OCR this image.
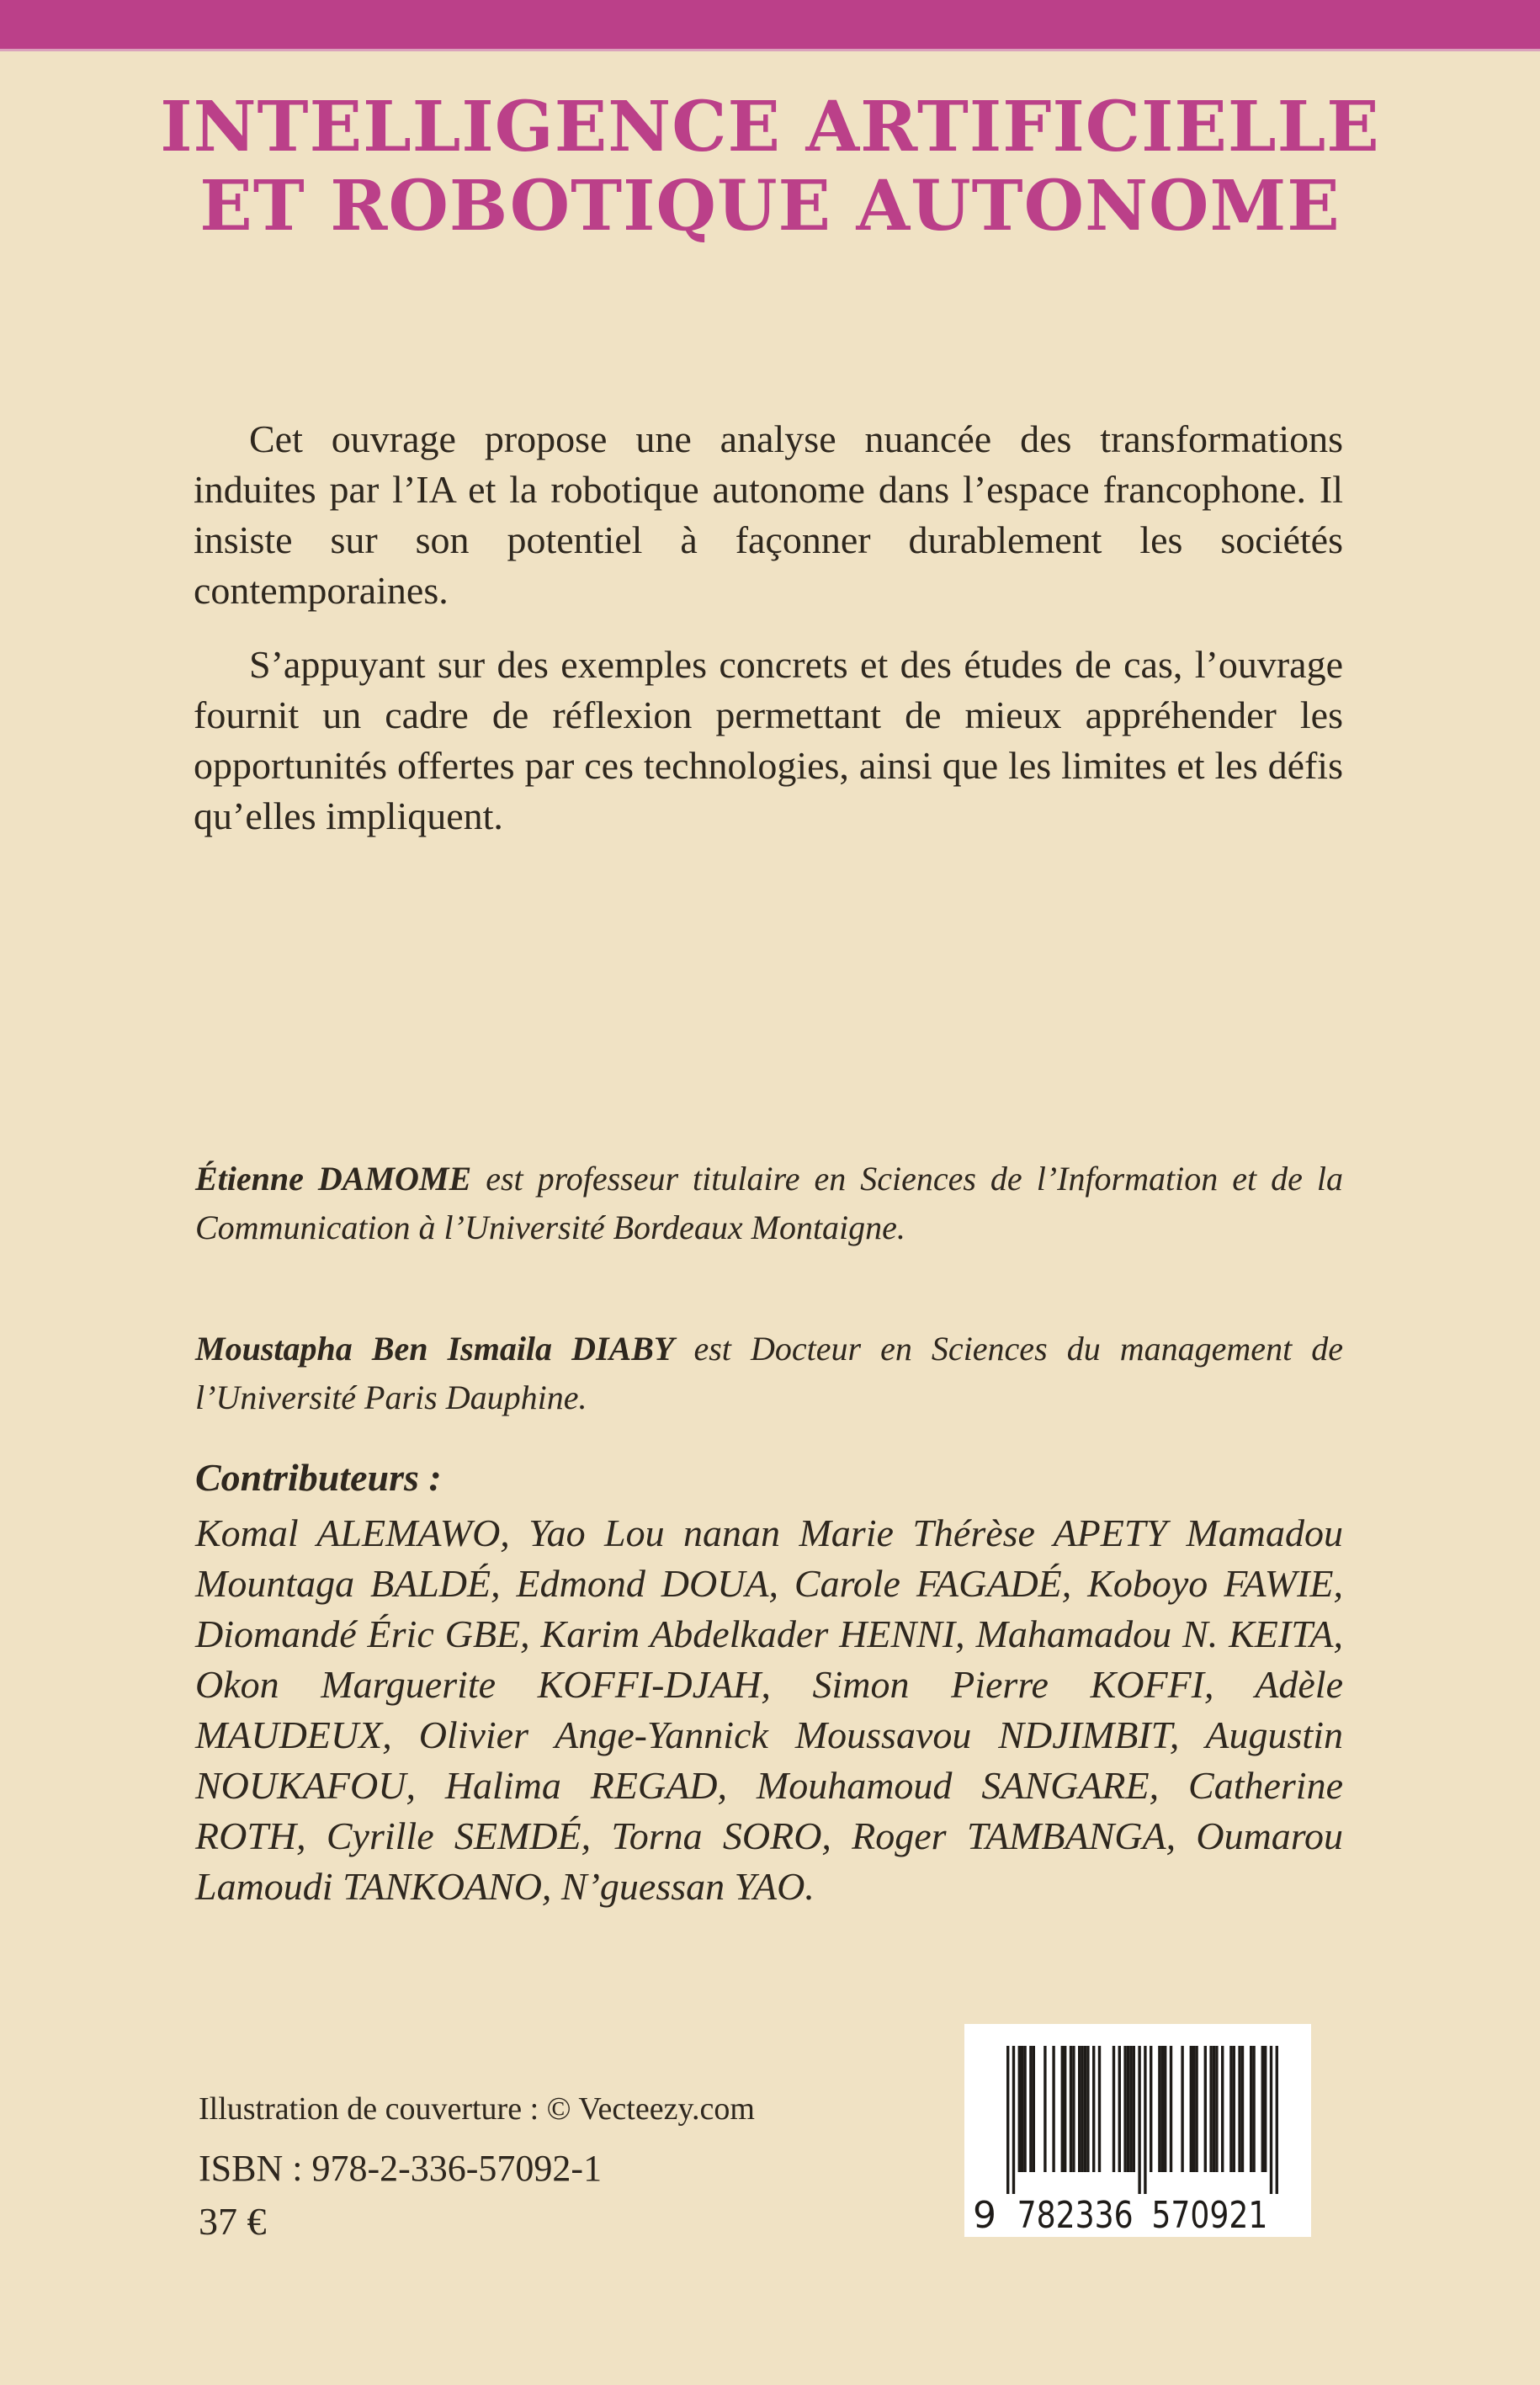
INTELLIGENCE ARTIFICIELLE
ET ROBOTIQUE AUTONOME

Cet ouvrage propose une analyse nuancée des transformations induites par l’IA et la robotique autonome dans l’espace francophone. Il insiste sur son potentiel à façonner durablement les sociétés contemporaines.

S’appuyant sur des exemples concrets et des études de cas, l’ouvrage fournit un cadre de réflexion permettant de mieux appréhender les opportunités offertes par ces technologies, ainsi que les limites et les défis qu’elles impliquent.

Étienne DAMOME est professeur titulaire en Sciences de l’Information et de la Communication à l’Université Bordeaux Montaigne.

Moustapha Ben Ismaila DIABY est Docteur en Sciences du management de l’Université Paris Dauphine.

Contributeurs :

Komal ALEMAWO, Yao Lou nanan Marie Thérèse APETY Mamadou Mountaga BALDÉ, Edmond DOUA, Carole FAGADÉ, Koboyo FAWIE, Diomandé Éric GBE, Karim Abdelkader HENNI, Mahamadou N. KEITA, Okon Marguerite KOFFI-DJAH, Simon Pierre KOFFI, Adèle MAUDEUX, Olivier Ange-Yannick Moussavou NDJIMBIT, Augustin NOUKAFOU, Halima REGAD, Mouhamoud SANGARE, Catherine ROTH, Cyrille SEMDÉ, Torna SORO, Roger TAMBANGA, Oumarou Lamoudi TANKOANO, N’guessan YAO.

Illustration de couverture : © Vecteezy.com

ISBN : 978-2-336-57092-1

37 €	9 782336 570921
